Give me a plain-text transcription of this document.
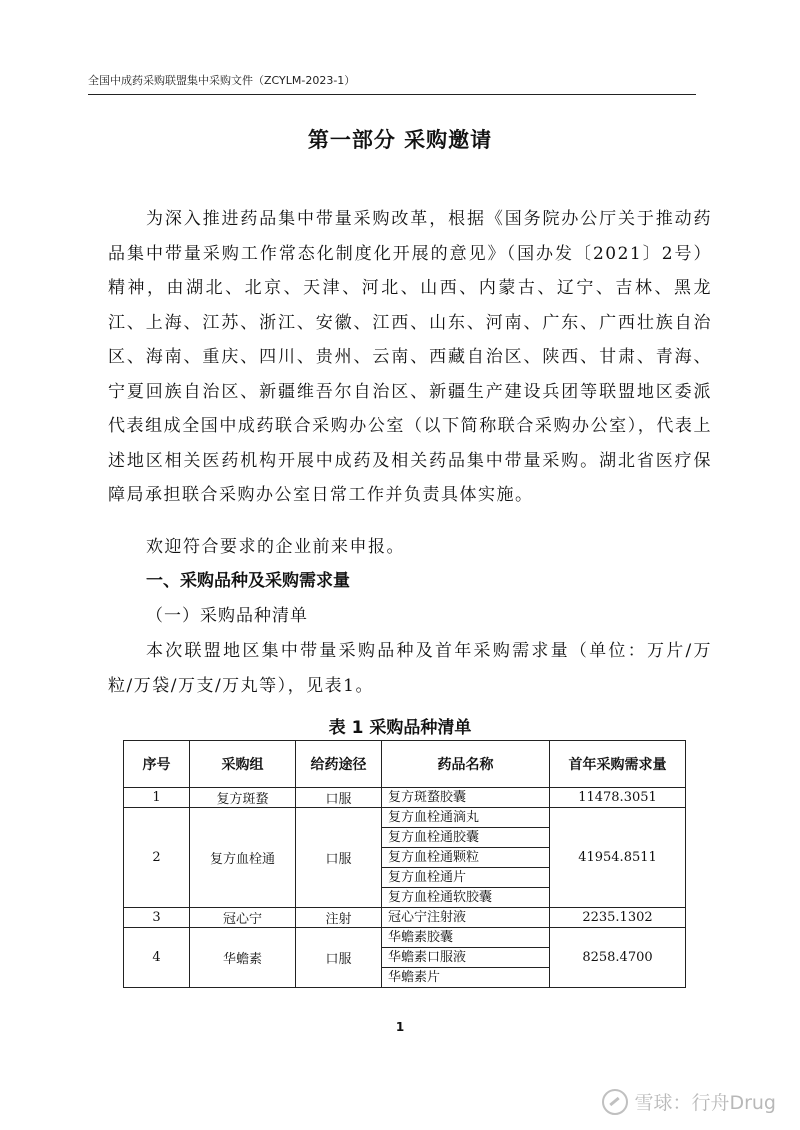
全国中成药采购联盟集中采购文件（ZCYLM-2023-1）
第一部分 采购邀请
为深入推进药品集中带量采购改革，根据《国务院办公厅关于推动药品集中带量采购工作常态化制度化开展的意见》（国办发〔2021〕2号）精神，由湖北、北京、天津、河北、山西、内蒙古、辽宁、吉林、黑龙江、上海、江苏、浙江、安徽、江西、山东、河南、广东、广西壮族自治区、海南、重庆、四川、贵州、云南、西藏自治区、陕西、甘肃、青海、宁夏回族自治区、新疆维吾尔自治区、新疆生产建设兵团等联盟地区委派代表组成全国中成药联合采购办公室（以下简称联合采购办公室），代表上述地区相关医药机构开展中成药及相关药品集中带量采购。湖北省医疗保障局承担联合采购办公室日常工作并负责具体实施。
欢迎符合要求的企业前来申报。
一、采购品种及采购需求量
（一）采购品种清单
本次联盟地区集中带量采购品种及首年采购需求量（单位：万片/万粒/万袋/万支/万丸等），见表1。
表 1 采购品种清单
序号	采购组	给药途径	药品名称	首年采购需求量
1	复方斑蝥	口服	复方斑蝥胶囊	11478.3051
2	复方血栓通	口服	复方血栓通滴丸
复方血栓通胶囊
复方血栓通颗粒
复方血栓通片
复方血栓通软胶囊	41954.8511
3	冠心宁	注射	冠心宁注射液	2235.1302
4	华蟾素	口服	华蟾素胶囊
华蟾素口服液
华蟾素片	8258.4700
1
雪球：行舟Drug
